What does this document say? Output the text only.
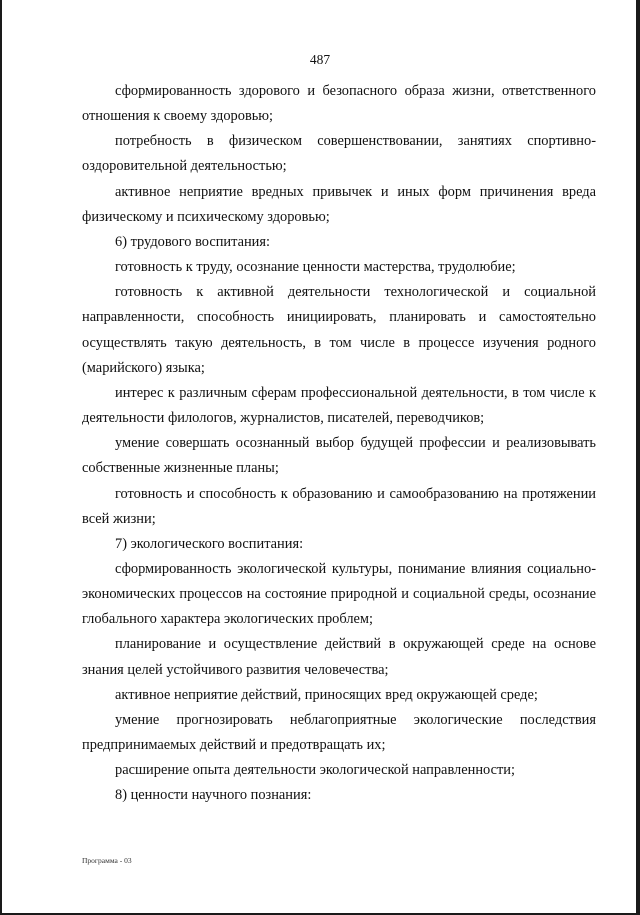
487

сформированность здорового и безопасного образа жизни, ответственного отношения к своему здоровью;

потребность в физическом совершенствовании, занятиях спортивно-оздоровительной деятельностью;

активное неприятие вредных привычек и иных форм причинения вреда физическому и психическому здоровью;

6) трудового воспитания:

готовность к труду, осознание ценности мастерства, трудолюбие;

готовность к активной деятельности технологической и социальной направленности, способность инициировать, планировать и самостоятельно осуществлять такую деятельность, в том числе в процессе изучения родного (марийского) языка;

интерес к различным сферам профессиональной деятельности, в том числе к деятельности филологов, журналистов, писателей, переводчиков;

умение совершать осознанный выбор будущей профессии и реализовывать собственные жизненные планы;

готовность и способность к образованию и самообразованию на протяжении всей жизни;

7) экологического воспитания:

сформированность экологической культуры, понимание влияния социально-экономических процессов на состояние природной и социальной среды, осознание глобального характера экологических проблем;

планирование и осуществление действий в окружающей среде на основе знания целей устойчивого развития человечества;

активное неприятие действий, приносящих вред окружающей среде;

умение прогнозировать неблагоприятные экологические последствия предпринимаемых действий и предотвращать их;

расширение опыта деятельности экологической направленности;

8) ценности научного познания:

Программа - 03
